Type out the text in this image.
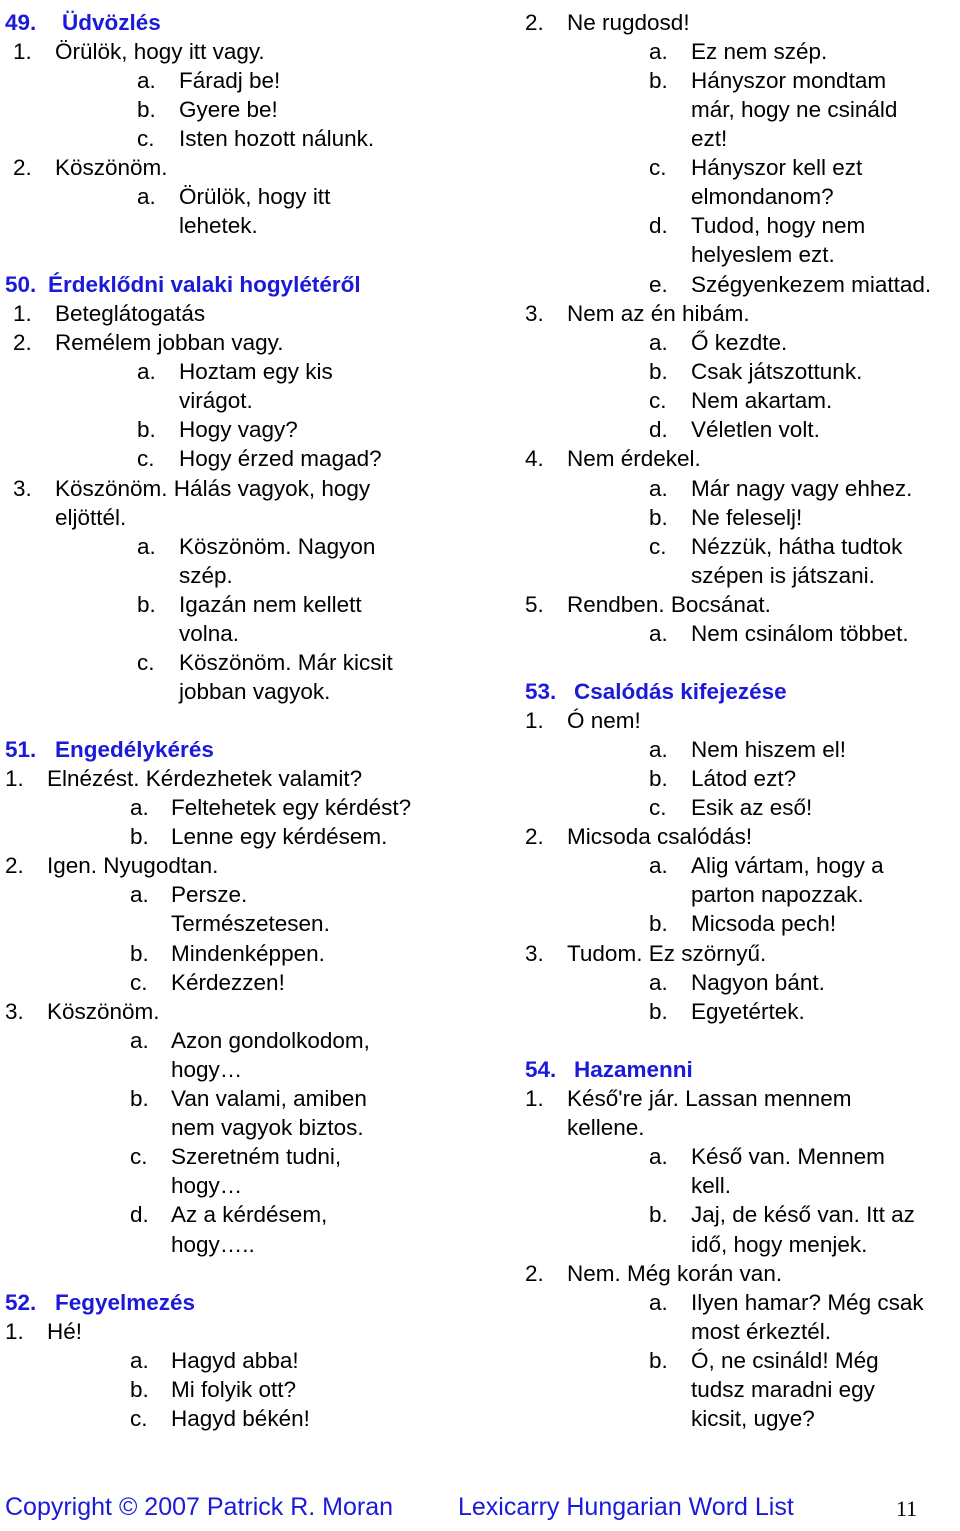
49. Üdvözlés
1. Örülök, hogy itt vagy.
a. Fáradj be!
b. Gyere be!
c. Isten hozott nálunk.
2. Köszönöm.
a. Örülök, hogy itt
lehetek.
50. Érdeklődni valaki hogylétéről
1. Beteglátogatás
2. Remélem jobban vagy.
a. Hoztam egy kis
virágot.
b. Hogy vagy?
c. Hogy érzed magad?
3. Köszönöm. Hálás vagyok, hogy
eljöttél.
a. Köszönöm. Nagyon
szép.
b. Igazán nem kellett
volna.
c. Köszönöm. Már kicsit
jobban vagyok.
51. Engedélykérés
1. Elnézést. Kérdezhetek valamit?
a. Feltehetek egy kérdést?
b. Lenne egy kérdésem.
2. Igen. Nyugodtan.
a. Persze.
Természetesen.
b. Mindenképpen.
c. Kérdezzen!
3. Köszönöm.
a. Azon gondolkodom,
hogy…
b. Van valami, amiben
nem vagyok biztos.
c. Szeretném tudni,
hogy…
d. Az a kérdésem,
hogy…..
52. Fegyelmezés
1. Hé!
a. Hagyd abba!
b. Mi folyik ott?
c. Hagyd békén!
2. Ne rugdosd!
a. Ez nem szép.
b. Hányszor mondtam
már, hogy ne csináld
ezt!
c. Hányszor kell ezt
elmondanom?
d. Tudod, hogy nem
helyeslem ezt.
e. Szégyenkezem miattad.
3. Nem az én hibám.
a. Ő kezdte.
b. Csak játszottunk.
c. Nem akartam.
d. Véletlen volt.
4. Nem érdekel.
a. Már nagy vagy ehhez.
b. Ne feleselj!
c. Nézzük, hátha tudtok
szépen is játszani.
5. Rendben. Bocsánat.
a. Nem csinálom többet.
53. Csalódás kifejezése
1. Ó nem!
a. Nem hiszem el!
b. Látod ezt?
c. Esik az eső!
2. Micsoda csalódás!
a. Alig vártam, hogy a
parton napozzak.
b. Micsoda pech!
3. Tudom. Ez szörnyű.
a. Nagyon bánt.
b. Egyetértek.
54. Hazamenni
1. Késő're jár. Lassan mennem
kellene.
a. Késő van. Mennem
kell.
b. Jaj, de késő van. Itt az
idő, hogy menjek.
2. Nem. Még korán van.
a. Ilyen hamar? Még csak
most érkeztél.
b. Ó, ne csináld! Még
tudsz maradni egy
kicsit, ugye?
Copyright © 2007 Patrick R. Moran	Lexicarry Hungarian Word List	11
